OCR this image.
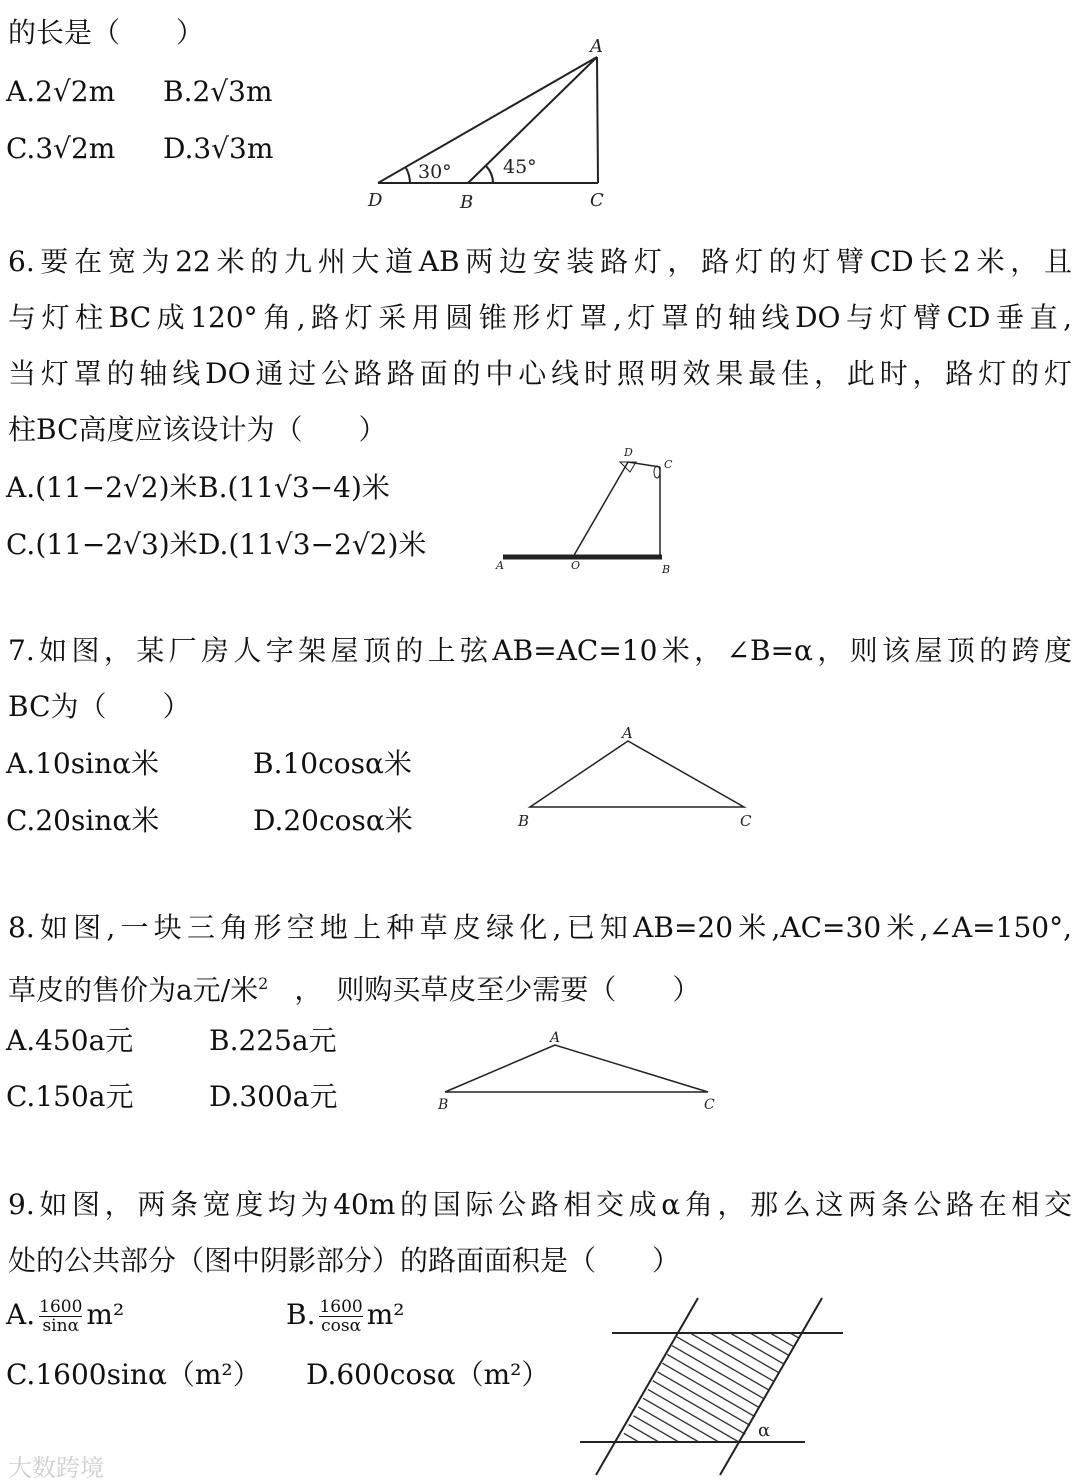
的长是（　　）
A.2√2m B.2√3m
C.3√2m D.3√3m
6.要在宽为22米的九州大道AB两边安装路灯，路灯的灯臂CD长2米，且
与灯柱BC成120°角,路灯采用圆锥形灯罩,灯罩的轴线DO与灯臂CD垂直,
当灯罩的轴线DO通过公路路面的中心线时照明效果最佳，此时，路灯的灯
柱BC高度应该设计为（　　）
A.(11−2√2)米 B.(11√3−4)米
C.(11−2√3)米 D.(11√3−2√2)米
7.如图，某厂房人字架屋顶的上弦AB=AC=10米，∠B=α，则该屋顶的跨度
BC为（　　）
A.10sinα米	B.10cosα米
C.20sinα米	D.20cosα米
8.如图,一块三角形空地上种草皮绿化,已知AB=20米,AC=30米,∠A=150°,
草皮的售价为a元/米$^2$ ，　则购买草皮至少需要（　　）
A.450a元	B.225a元
C.150a元	D.300a元
9.如图，两条宽度均为40m的国际公路相交成α角，那么这两条公路在相交
处的公共部分（图中阴影部分）的路面面积是（　　）
A. $\frac{1600}{\sin\alpha} m^2$	B. $\frac{1600}{\cos\alpha} m^2$
C.1600sinα（m²） D.600cosα（m²）
大数跨境
A
B	C
D
30°	45°
D
C
A	O	B
A
B	C
A
B	C
α
